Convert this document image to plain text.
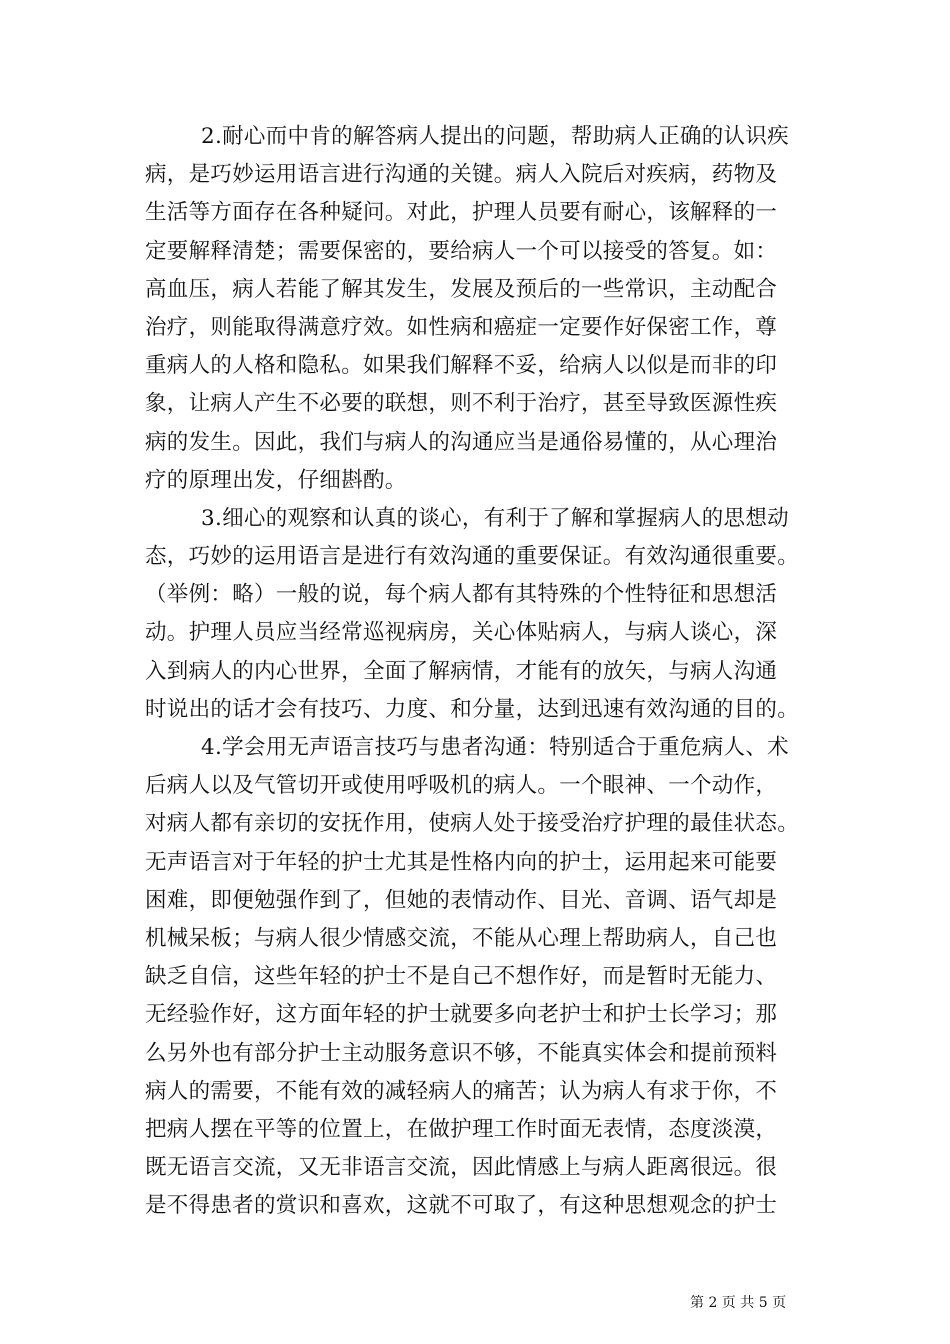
2.耐心而中肯的解答病人提出的问题，帮助病人正确的认识疾
病，是巧妙运用语言进行沟通的关键。病人入院后对疾病，药物及
生活等方面存在各种疑问。对此，护理人员要有耐心，该解释的一
定要解释清楚；需要保密的，要给病人一个可以接受的答复。如：
高血压，病人若能了解其发生，发展及预后的一些常识，主动配合
治疗，则能取得满意疗效。如性病和癌症一定要作好保密工作，尊
重病人的人格和隐私。如果我们解释不妥，给病人以似是而非的印
象，让病人产生不必要的联想，则不利于治疗，甚至导致医源性疾
病的发生。因此，我们与病人的沟通应当是通俗易懂的，从心理治
疗的原理出发，仔细斟酌。
3.细心的观察和认真的谈心，有利于了解和掌握病人的思想动
态，巧妙的运用语言是进行有效沟通的重要保证。有效沟通很重要。
（举例：略）一般的说，每个病人都有其特殊的个性特征和思想活
动。护理人员应当经常巡视病房，关心体贴病人，与病人谈心，深
入到病人的内心世界，全面了解病情，才能有的放矢，与病人沟通
时说出的话才会有技巧、力度、和分量，达到迅速有效沟通的目的。
4.学会用无声语言技巧与患者沟通：特别适合于重危病人、术
后病人以及气管切开或使用呼吸机的病人。一个眼神、一个动作，
对病人都有亲切的安抚作用，使病人处于接受治疗护理的最佳状态。
无声语言对于年轻的护士尤其是性格内向的护士，运用起来可能要
困难，即便勉强作到了，但她的表情动作、目光、音调、语气却是
机械呆板；与病人很少情感交流，不能从心理上帮助病人，自己也
缺乏自信，这些年轻的护士不是自己不想作好，而是暂时无能力、
无经验作好，这方面年轻的护士就要多向老护士和护士长学习；那
么另外也有部分护士主动服务意识不够，不能真实体会和提前预料
病人的需要，不能有效的减轻病人的痛苦；认为病人有求于你，不
把病人摆在平等的位置上，在做护理工作时面无表情，态度淡漠，
既无语言交流，又无非语言交流，因此情感上与病人距离很远。很
是不得患者的赏识和喜欢，这就不可取了，有这种思想观念的护士
第 2 页 共 5 页
